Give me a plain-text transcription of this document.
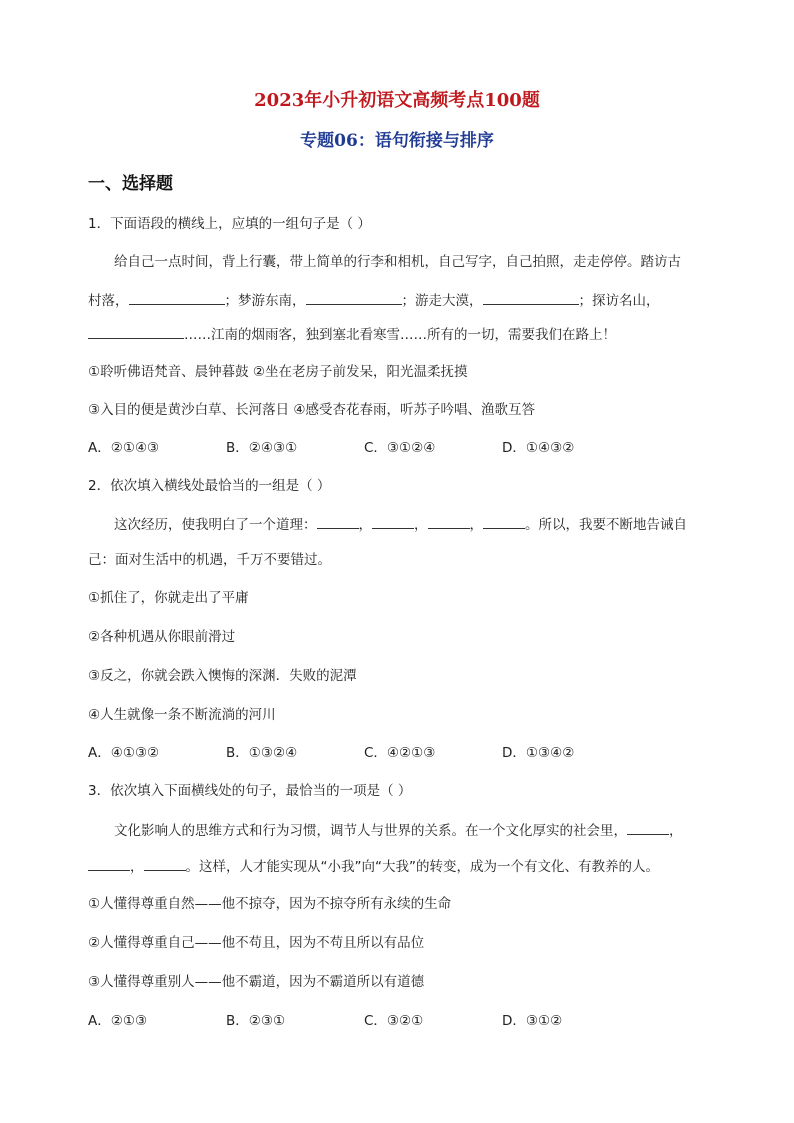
2023年小升初语文高频考点100题
专题06：语句衔接与排序
一、选择题
1．下面语段的横线上，应填的一组句子是（ ）
给自己一点时间，背上行囊，带上简单的行李和相机，自己写字，自己拍照，走走停停。踏访古
村落，	；梦游东南，	；游走大漠，	；探访名山，
……江南的烟雨客，独到塞北看寒雪……所有的一切，需要我们在路上！
①聆听佛语梵音、晨钟暮鼓 ②坐在老房子前发呆，阳光温柔抚摸
③入目的便是黄沙白草、长河落日 ④感受杏花春雨，听苏子吟唱、渔歌互答
A．②①④③	B．②④③①	C．③①②④	D．①④③②
2．依次填入横线处最恰当的一组是（ ）
这次经历，使我明白了一个道理：	，	，	，	。所以，我要不断地告诫自
己：面对生活中的机遇，千万不要错过。
①抓住了，你就走出了平庸
②各种机遇从你眼前滑过
③反之，你就会跌入懊悔的深渊．失败的泥潭
④人生就像一条不断流淌的河川
A．④①③②	B．①③②④	C．④②①③	D．①③④②
3．依次填入下面横线处的句子，最恰当的一项是（ ）
文化影响人的思维方式和行为习惯，调节人与世界的关系。在一个文化厚实的社会里，	，
，	。这样，人才能实现从“小我”向“大我”的转变，成为一个有文化、有教养的人。
①人懂得尊重自然——他不掠夺，因为不掠夺所有永续的生命
②人懂得尊重自己——他不苟且，因为不苟且所以有品位
③人懂得尊重别人——他不霸道，因为不霸道所以有道德
A．②①③	B．②③①	C．③②①	D．③①②
